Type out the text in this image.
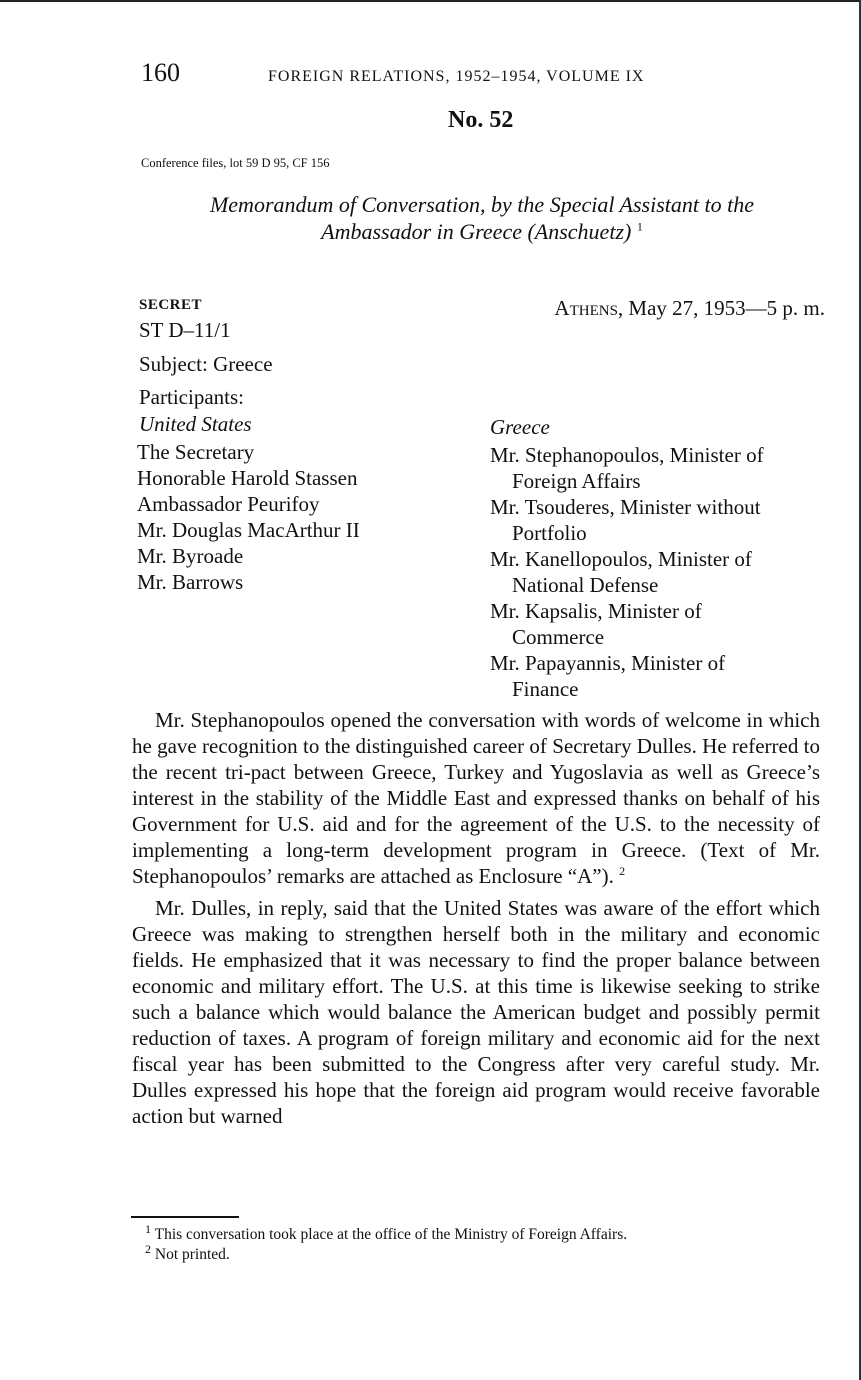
160	FOREIGN RELATIONS, 1952–1954, VOLUME IX
No. 52
Conference files, lot 59 D 95, CF 156
Memorandum of Conversation, by the Special Assistant to the
Ambassador in Greece (Anschuetz) $^1$
SECRET	Athens, May 27, 1953—5 p. m.
ST D–11/1
Subject: Greece
Participants:
United States
The Secretary
Honorable Harold Stassen
Ambassador Peurifoy
Mr. Douglas MacArthur II
Mr. Byroade
Mr. Barrows
Greece
Mr. Stephanopoulos, Minister of
Foreign Affairs
Mr. Tsouderes, Minister without
Portfolio
Mr. Kanellopoulos, Minister of
National Defense
Mr. Kapsalis, Minister of
Commerce
Mr. Papayannis, Minister of
Finance

Mr. Stephanopoulos opened the conversation with words of welcome in which he gave recognition to the distinguished career of Secretary Dulles. He referred to the recent tri-pact between Greece, Turkey and Yugoslavia as well as Greece’s interest in the stability of the Middle East and expressed thanks on behalf of his Government for U.S. aid and for the agreement of the U.S. to the necessity of implementing a long-term development program in Greece. (Text of Mr. Stephanopoulos’ remarks are attached as Enclosure “A”). $^2$

Mr. Dulles, in reply, said that the United States was aware of the effort which Greece was making to strengthen herself both in the military and economic fields. He emphasized that it was necessary to find the proper balance between economic and military effort. The U.S. at this time is likewise seeking to strike such a balance which would balance the American budget and possibly permit reduction of taxes. A program of foreign military and economic aid for the next fiscal year has been submitted to the Congress after very careful study. Mr. Dulles expressed his hope that the foreign aid program would receive favorable action but warned

$^1$ This conversation took place at the office of the Ministry of Foreign Affairs.
$^2$ Not printed.
